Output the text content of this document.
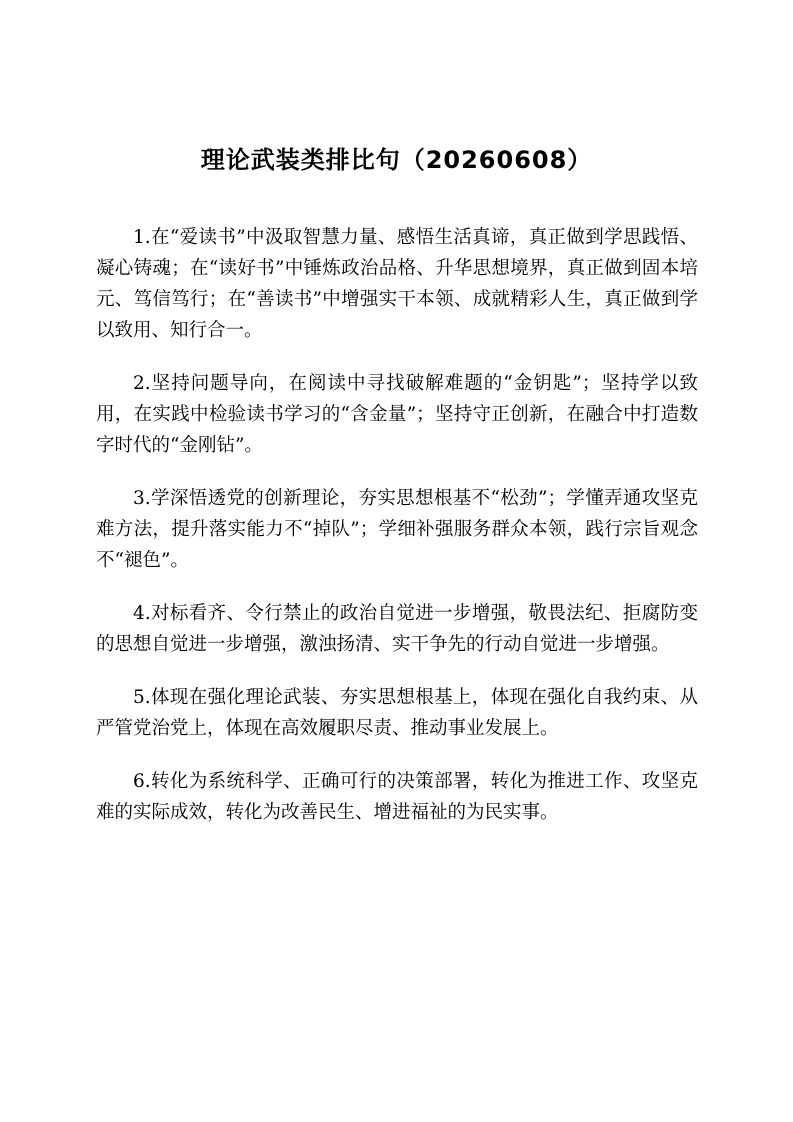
理论武装类排比句（20260608）

1.在“爱读书”中汲取智慧力量、感悟生活真谛，真正做到学思践悟、凝心铸魂；在“读好书”中锤炼政治品格、升华思想境界，真正做到固本培元、笃信笃行；在“善读书”中增强实干本领、成就精彩人生，真正做到学以致用、知行合一。

2.坚持问题导向，在阅读中寻找破解难题的“金钥匙”；坚持学以致用，在实践中检验读书学习的“含金量”；坚持守正创新，在融合中打造数字时代的“金刚钻”。

3.学深悟透党的创新理论，夯实思想根基不“松劲”；学懂弄通攻坚克难方法，提升落实能力不“掉队”；学细补强服务群众本领，践行宗旨观念不“褪色”。

4.对标看齐、令行禁止的政治自觉进一步增强，敬畏法纪、拒腐防变的思想自觉进一步增强，激浊扬清、实干争先的行动自觉进一步增强。

5.体现在强化理论武装、夯实思想根基上，体现在强化自我约束、从严管党治党上，体现在高效履职尽责、推动事业发展上。

6.转化为系统科学、正确可行的决策部署，转化为推进工作、攻坚克难的实际成效，转化为改善民生、增进福祉的为民实事。
